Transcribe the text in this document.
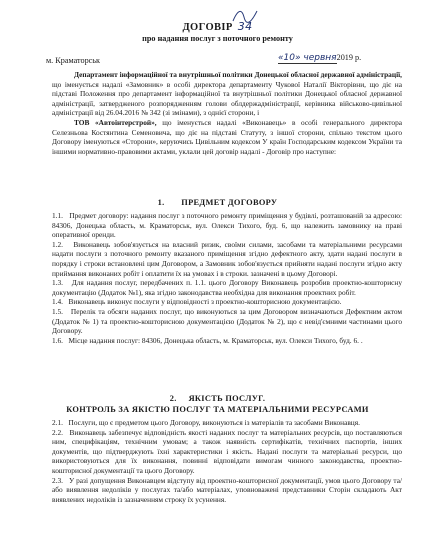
ДОГОВІР 34
про надання послуг з поточного ремонту
м. Краматорськ	«10» червня2019 р.

Департамент інформаційної та внутрішньої політики Донецької обласної державної адміністрації, що іменується надалі «Замовник» в особі директора департаменту Чукової Наталії Вікторівни, що діє на підставі Положення про департамент інформаційної та внутрішньої політики Донецької обласної державної адміністрації, затвердженого розпорядженням голови облдержадміністрації, керівника військово-цивільної адміністрації від 26.04.2016 № 342 (зі змінами), з однієї сторони, і

ТОВ «Автоінтерстрой», що іменується надалі «Виконавець» в особі генерального директора Селезньова Костянтина Семеновича, що діє на підставі Статуту, з іншої сторони, спільно текстом цього Договору іменуються «Сторони», керуючись Цивільним кодексом У країн Господарським кодексом України та іншими нормативно-правовими актами, уклали цей договір надалі - Договір про наступне:

1.       ПРЕДМЕТ ДОГОВОРУ

1.1.   Предмет договору: надання послуг з поточного ремонту приміщення у будівлі, розташованій за адресою: 84306, Донецька область, м. Краматорськ, вул. Олекси Тихого, буд. 6, що належить замовнику на праві оперативної оренди.

1.2.   Виконавець зобов'язується на власний ризик, своїми силами, засобами та матеріальними ресурсами надати послуги з поточного ремонту вказаного приміщення згідно дефектного акту, здати надані послуги в порядку і строки встановлені цим Договором, а Замовник зобов'язується прийняти надані послуги згідно акту приймання виконаних робіт і оплатити їх на умовах і в строки. зазначені в цьому Договорі.

1.3.   Для надання послуг, передбачених п. 1.1. цього Договору Виконавець розробив проектно-кошторисну документацію (Додаток №1), яка згідно законодавства необхідна для виконання проектних робіт.

1.4.   Виконавець виконує послуги у відповідності з проектно-кошторисною документацією.

1.5.   Перелік та обсяги наданих послуг, що виконуються за цим Договором визначаються Дефектним актом (Додаток № 1) та проектно-кошторисною документацією (Додаток № 2), що є невід'ємними частинами цього Договору.

1.6.   Місце надання послуг: 84306, Донецька область, м. Краматорськ, вул. Олекси Тихого, буд. 6. .

2.     ЯКІСТЬ ПОСЛУГ.
КОНТРОЛЬ ЗА ЯКІСТЮ ПОСЛУГ ТА МАТЕРІАЛЬНИМИ РЕСУРСАМИ

2.1.   Послуги, що є предметом цього Договору, виконуються із матеріалів та засобами Виконавця.

2.2.   Виконавець забезпечує відповідність якості наданих послуг та матеріальних ресурсів, що поставляються ним, специфікаціям, технічним умовам; а також наявність сертифікатів, технічних паспортів, інших документів, що підтверджують їхні характеристики і якість. Надані послуги та матеріальні ресурси, що використовуються для їх виконання, повинні відповідати вимогам чинного законодавства, проектно-кошторисної документації та цього Договору.

2.3.   У разі допущення Виконавцем відступу від проектно-кошторисної документації, умов цього Договору та/або виявлення недоліків у послугах та/або матеріалах, уповноважені представники Сторін складають Акт виявлених недоліків із зазначенням строку їх усунення.
